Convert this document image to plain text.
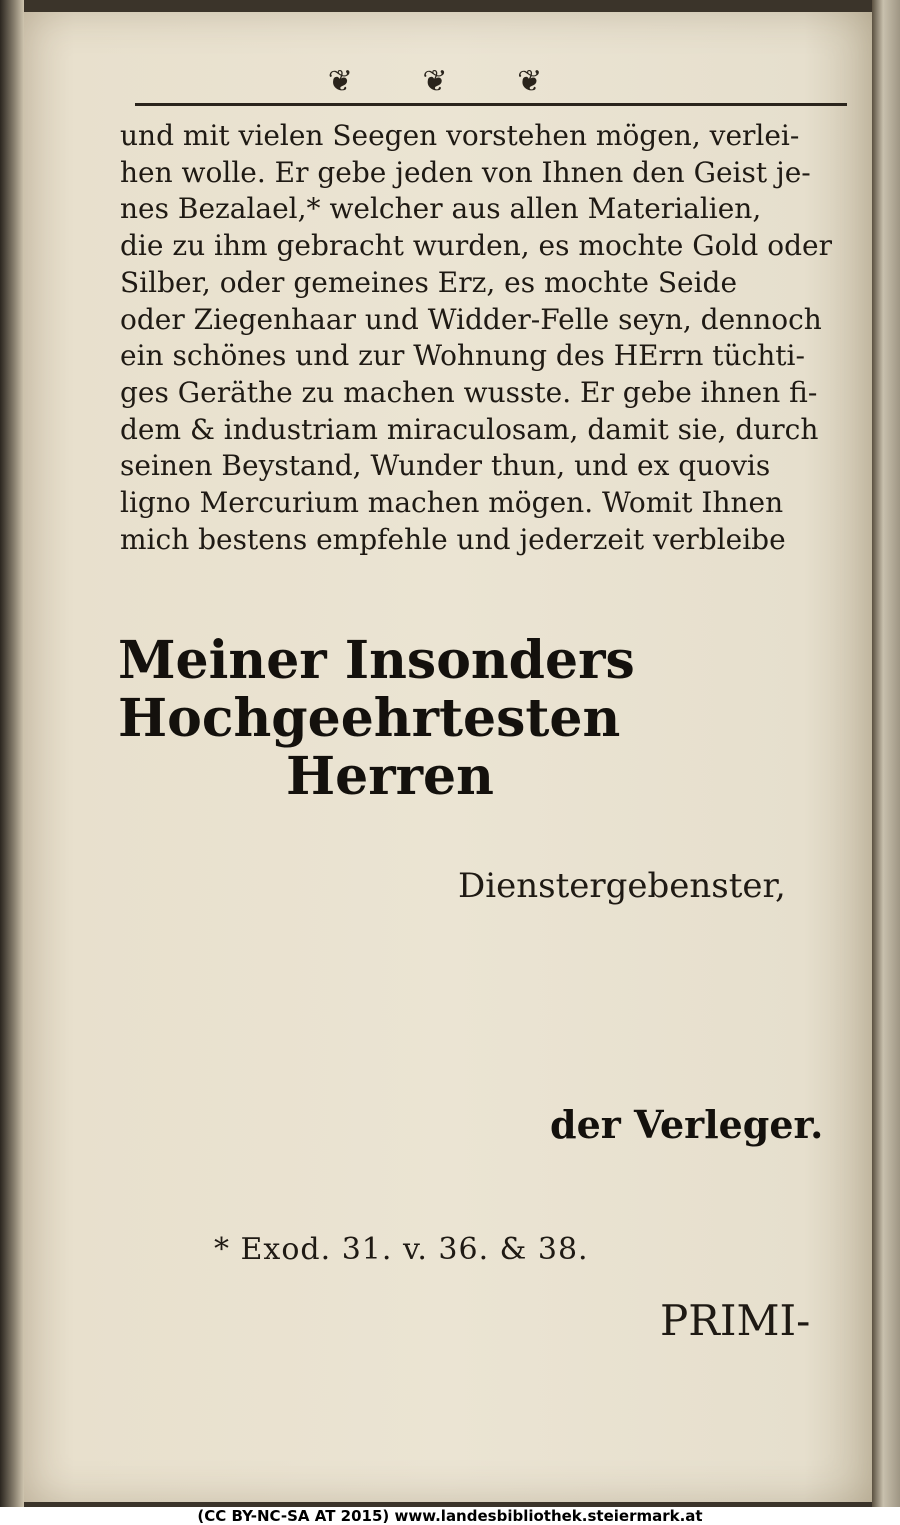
❦ ❦ ❦
und mit vielen Seegen vorstehen mögen, verlei-
hen wolle. Er gebe jeden von Ihnen den Geist je-
nes Bezalael,* welcher aus allen Materialien,
die zu ihm gebracht wurden, es mochte Gold oder
Silber, oder gemeines Erz, es mochte Seide
oder Ziegenhaar und Widder-Felle seyn, dennoch
ein schönes und zur Wohnung des HErrn tüchti-
ges Geräthe zu machen wusste. Er gebe ihnen fi-
dem & industriam miraculosam, damit sie, durch
seinen Beystand, Wunder thun, und ex quovis
ligno Mercurium machen mögen. Womit Ihnen
mich bestens empfehle und jederzeit verbleibe
Meiner Insonders Hochgeehrtesten
Herren
Dienstergebenster,
der Verleger.
* Exod. 31. v. 36. & 38.
PRIMI-
(CC BY-NC-SA AT 2015) www.landesbibliothek.steiermark.at
